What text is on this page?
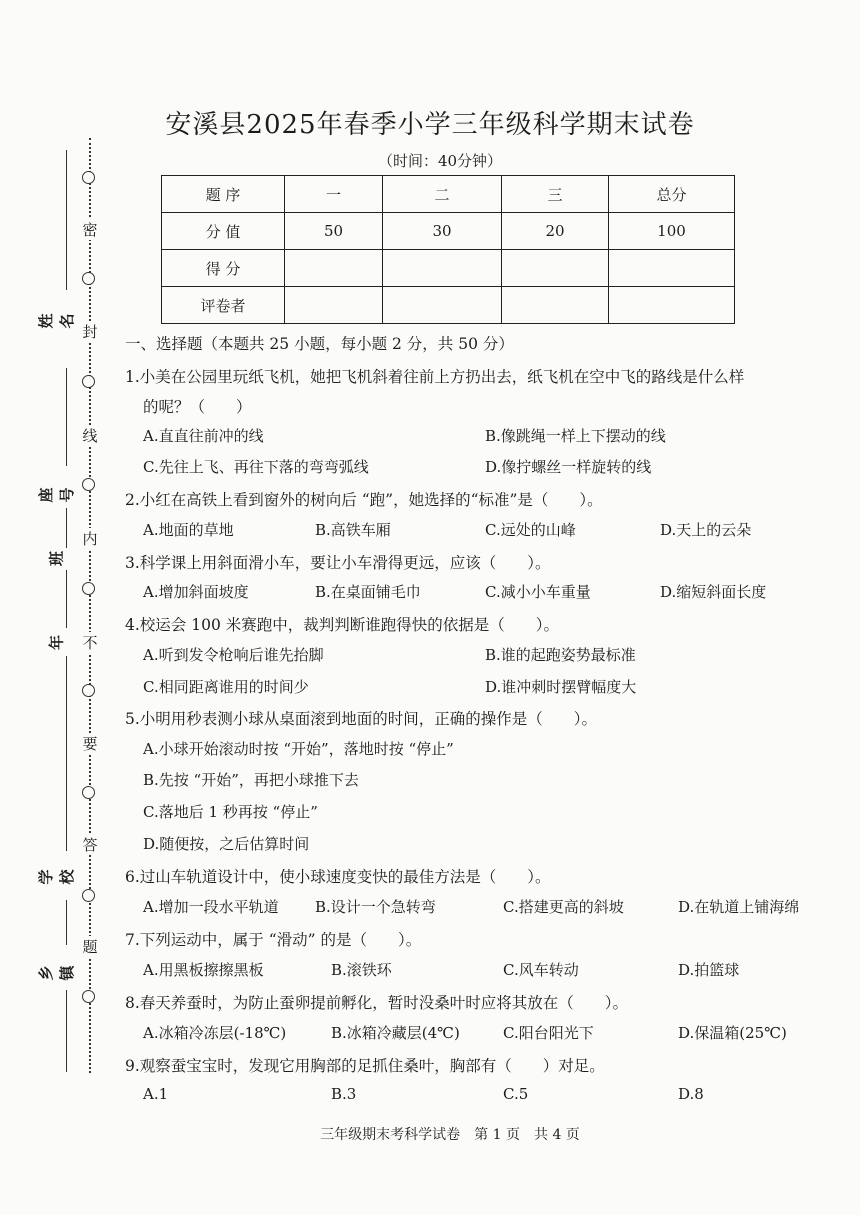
密
封
线
内
不
要
答
题
姓名
座号
班
年
学校
乡镇
安溪县2025年春季小学三年级科学期末试卷
（时间：40分钟）
题 序	一	二	三	总分
分 值	50	30	20	100
得 分				
评卷者				
一、选择题（本题共 25 小题，每小题 2 分，共 50 分）
1.小美在公园里玩纸飞机，她把飞机斜着往前上方扔出去，纸飞机在空中飞的路线是什么样
的呢？（　　）
A.直直往前冲的线	B.像跳绳一样上下摆动的线
C.先往上飞、再往下落的弯弯弧线	D.像拧螺丝一样旋转的线
2.小红在高铁上看到窗外的树向后 “跑”，她选择的“标准”是（　　）。
A.地面的草地	B.高铁车厢	C.远处的山峰	D.天上的云朵
3.科学课上用斜面滑小车，要让小车滑得更远，应该（　　）。
A.增加斜面坡度	B.在桌面铺毛巾	C.减小小车重量	D.缩短斜面长度
4.校运会 100 米赛跑中，裁判判断谁跑得快的依据是（　　）。
A.听到发令枪响后谁先抬脚	B.谁的起跑姿势最标准
C.相同距离谁用的时间少	D.谁冲刺时摆臂幅度大
5.小明用秒表测小球从桌面滚到地面的时间，正确的操作是（　　）。
A.小球开始滚动时按 “开始”，落地时按 “停止”
B.先按 “开始”，再把小球推下去
C.落地后 1 秒再按 “停止”
D.随便按，之后估算时间
6.过山车轨道设计中，使小球速度变快的最佳方法是（　　）。
A.增加一段水平轨道 B.设计一个急转弯	C.搭建更高的斜坡	D.在轨道上铺海绵
7.下列运动中，属于 “滑动” 的是（　　）。
A.用黑板擦擦黑板	B.滚铁环	C.风车转动	D.拍篮球
8.春天养蚕时，为防止蚕卵提前孵化，暂时没桑叶时应将其放在（　　）。
A.冰箱冷冻层(-18℃)	B.冰箱冷藏层(4℃)	C.阳台阳光下	D.保温箱(25℃)
9.观察蚕宝宝时，发现它用胸部的足抓住桑叶，胸部有（　　）对足。
A.1	B.3	C.5	D.8
三年级期末考科学试卷　第 1 页　共 4 页
